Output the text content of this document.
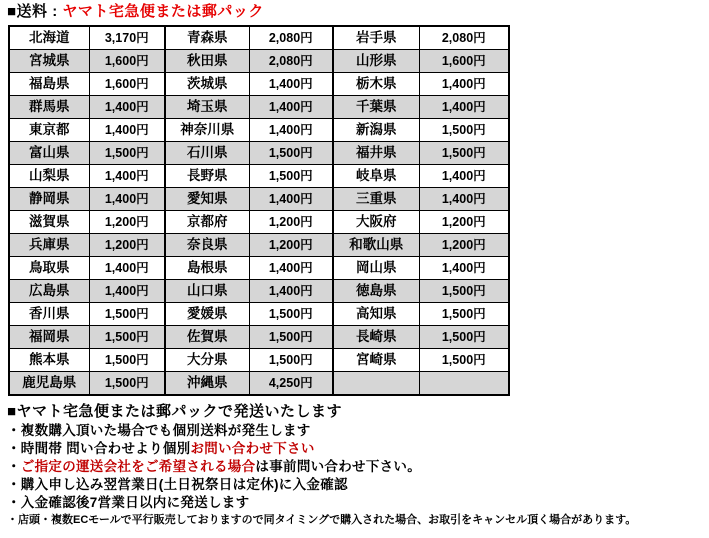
■送料 : ヤマト宅急便または郵パック
北海道	3,170円	青森県	2,080円	岩手県	2,080円
宮城県	1,600円	秋田県	2,080円	山形県	1,600円
福島県	1,600円	茨城県	1,400円	栃木県	1,400円
群馬県	1,400円	埼玉県	1,400円	千葉県	1,400円
東京都	1,400円	神奈川県	1,400円	新潟県	1,500円
富山県	1,500円	石川県	1,500円	福井県	1,500円
山梨県	1,400円	長野県	1,500円	岐阜県	1,400円
静岡県	1,400円	愛知県	1,400円	三重県	1,400円
滋賀県	1,200円	京都府	1,200円	大阪府	1,200円
兵庫県	1,200円	奈良県	1,200円	和歌山県	1,200円
鳥取県	1,400円	島根県	1,400円	岡山県	1,400円
広島県	1,400円	山口県	1,400円	徳島県	1,500円
香川県	1,500円	愛媛県	1,500円	高知県	1,500円
福岡県	1,500円	佐賀県	1,500円	長崎県	1,500円
熊本県	1,500円	大分県	1,500円	宮崎県	1,500円
鹿児島県	1,500円	沖縄県	4,250円		
■ヤマト宅急便または郵パックで発送いたします
・複数購入頂いた場合でも個別送料が発生します
・時間帯 問い合わせより個別お問い合わせ下さい
・ご指定の運送会社をご希望される場合は事前問い合わせ下さい。
・購入申し込み翌営業日(土日祝祭日は定休)に入金確認
・入金確認後7営業日以内に発送します
・店頭・複数ECモールで平行販売しておりますので同タイミングで購入された場合、お取引をキャンセル頂く場合があります。
